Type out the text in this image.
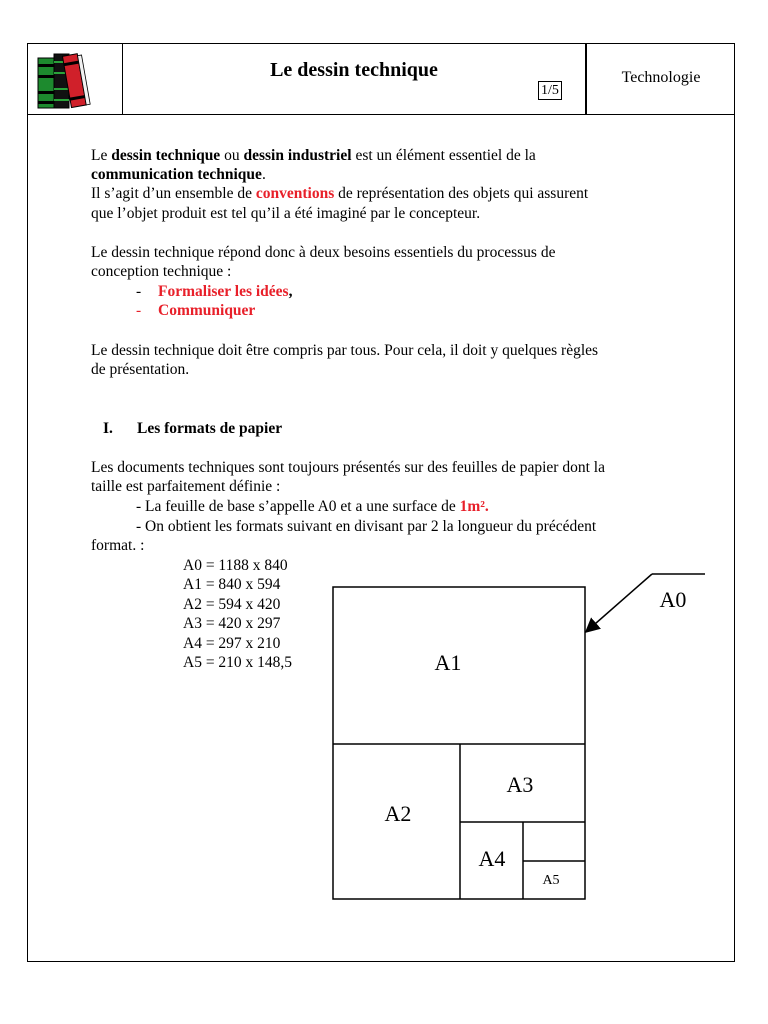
Le dessin technique
1/5
Technologie
Le dessin technique ou dessin industriel est un élément essentiel de la
communication technique.
Il s’agit d’un ensemble de conventions de représentation des objets qui assurent
que l’objet produit est tel qu’il a été imaginé par le concepteur.
Le dessin technique répond donc à deux besoins essentiels du processus de
conception technique :
- Formaliser les idées,
- Communiquer
Le dessin technique doit être compris par tous. Pour cela, il doit y quelques règles
de présentation.
I. Les formats de papier
Les documents techniques sont toujours présentés sur des feuilles de papier dont la
taille est parfaitement définie :
- La feuille de base s’appelle A0 et a une surface de 1m².
- On obtient les formats suivant en divisant par 2 la longueur du précédent
format. :
A0 = 1188 x 840
A1 = 840 x 594
A2 = 594 x 420
A3 = 420 x 297
A4 = 297 x 210
A5 = 210 x 148,5
A0
A1
A2
A3
A4
A5
